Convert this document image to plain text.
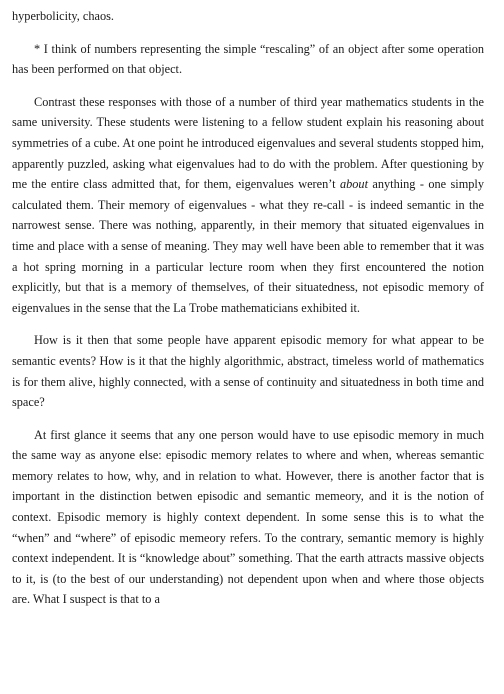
hyperbolicity, chaos.

* I think of numbers representing the simple “rescaling” of an object after some operation has been performed on that object.

Contrast these responses with those of a number of third year mathematics students in the same university. These students were listening to a fellow student explain his reasoning about symmetries of a cube. At one point he introduced eigenvalues and several students stopped him, apparently puzzled, asking what eigenvalues had to do with the problem. After questioning by me the entire class admitted that, for them, eigenvalues weren’t about anything - one simply calculated them. Their memory of eigenvalues - what they re-call - is indeed semantic in the narrowest sense. There was nothing, apparently, in their memory that situated eigenvalues in time and place with a sense of meaning. They may well have been able to remember that it was a hot spring morning in a particular lecture room when they first encountered the notion explicitly, but that is a memory of themselves, of their situatedness, not episodic memory of eigenvalues in the sense that the La Trobe mathematicians exhibited it.

How is it then that some people have apparent episodic memory for what appear to be semantic events? How is it that the highly algorithmic, abstract, timeless world of mathematics is for them alive, highly connected, with a sense of continuity and situatedness in both time and space?

At first glance it seems that any one person would have to use episodic memory in much the same way as anyone else: episodic memory relates to where and when, whereas semantic memory relates to how, why, and in relation to what. However, there is another factor that is important in the distinction betwen episodic and semantic memeory, and it is the notion of context. Episodic memory is highly context dependent. In some sense this is to what the “when” and “where” of episodic memeory refers. To the contrary, semantic memory is highly context independent. It is “knowledge about” something. That the earth attracts massive objects to it, is (to the best of our understanding) not dependent upon when and where those objects are. What I suspect is that to a
